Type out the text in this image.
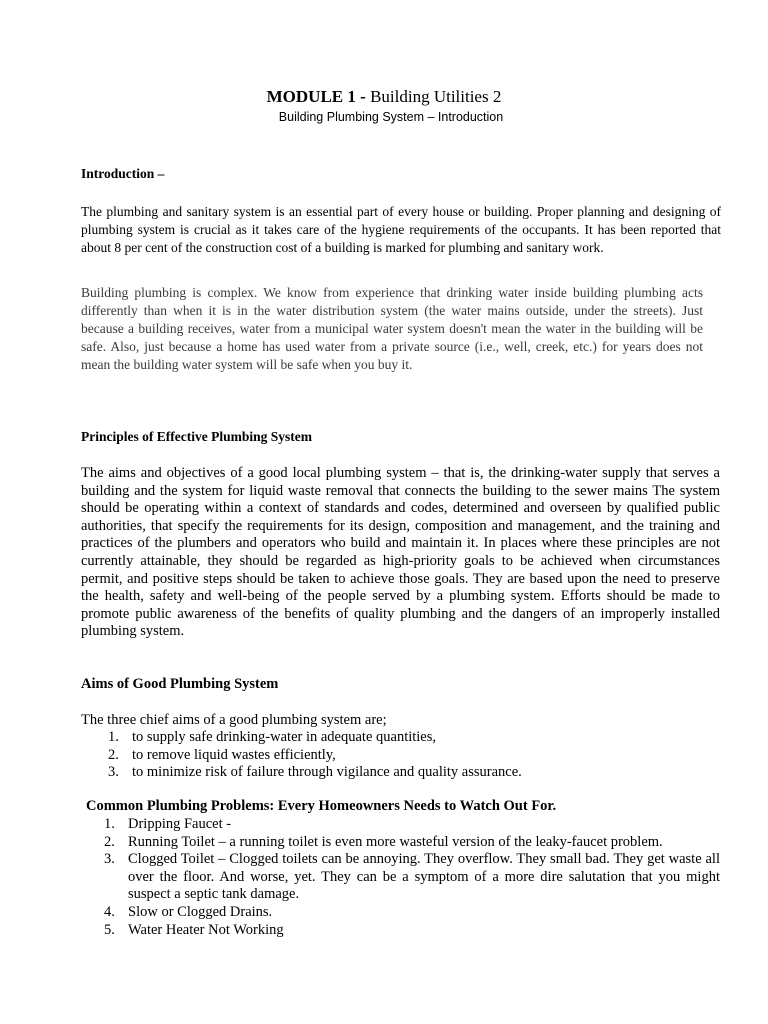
MODULE 1 - Building Utilities 2
Building Plumbing System – Introduction
Introduction –
The plumbing and sanitary system is an essential part of every house or building. Proper planning and designing of plumbing system is crucial as it takes care of the hygiene requirements of the occupants. It has been reported that about 8 per cent of the construction cost of a building is marked for plumbing and sanitary work.
Building plumbing is complex. We know from experience that drinking water inside building plumbing acts differently than when it is in the water distribution system (the water mains outside, under the streets). Just because a building receives, water from a municipal water system doesn't mean the water in the building will be safe. Also, just because a home has used water from a private source (i.e., well, creek, etc.) for years does not mean the building water system will be safe when you buy it.
Principles of Effective Plumbing System
The aims and objectives of a good local plumbing system – that is, the drinking-water supply that serves a building and the system for liquid waste removal that connects the building to the sewer mains The system should be operating within a context of standards and codes, determined and overseen by qualified public authorities, that specify the requirements for its design, composition and management, and the training and practices of the plumbers and operators who build and maintain it. In places where these principles are not currently attainable, they should be regarded as high-priority goals to be achieved when circumstances permit, and positive steps should be taken to achieve those goals. They are based upon the need to preserve the health, safety and well-being of the people served by a plumbing system. Efforts should be made to promote public awareness of the benefits of quality plumbing and the dangers of an improperly installed plumbing system.
Aims of Good Plumbing System
The three chief aims of a good plumbing system are;
1. to supply safe drinking-water in adequate quantities,
2. to remove liquid wastes efficiently,
3. to minimize risk of failure through vigilance and quality assurance.
Common Plumbing Problems: Every Homeowners Needs to Watch Out For.
1. Dripping Faucet -
2. Running Toilet – a running toilet is even more wasteful version of the leaky-faucet problem.
3. Clogged Toilet – Clogged toilets can be annoying. They overflow. They small bad. They get waste all over the floor. And worse, yet. They can be a symptom of a more dire salutation that you might suspect a septic tank damage.
4. Slow or Clogged Drains.
5. Water Heater Not Working
